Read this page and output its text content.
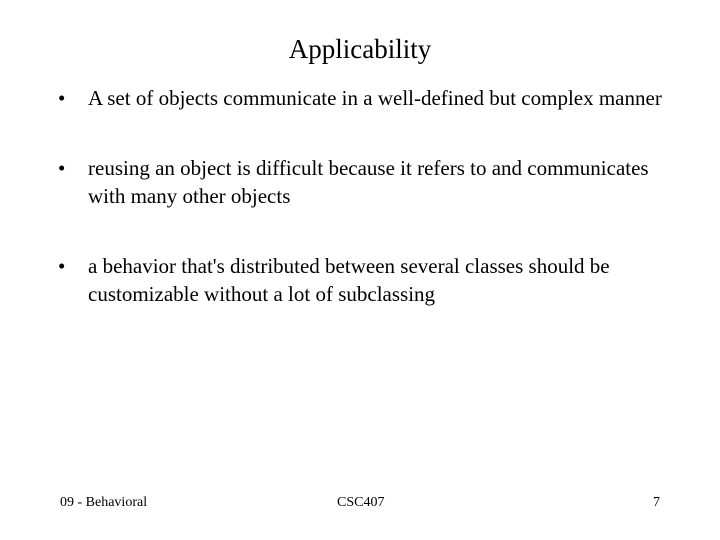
Applicability
• A set of objects communicate in a well-defined but complex manner
• reusing an object is difficult because it refers to and communicates with many other objects
• a behavior that's distributed between several classes should be customizable without a lot of subclassing
09 - Behavioral	CSC407	7
